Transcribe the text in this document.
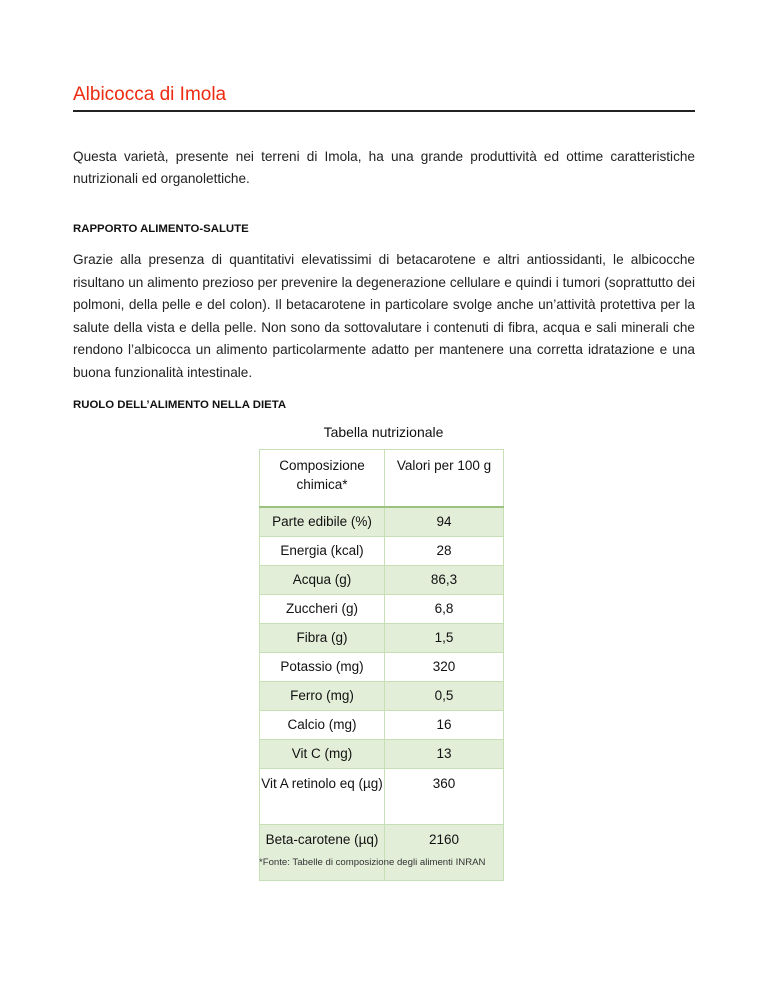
Albicocca di Imola
Questa varietà, presente nei terreni di Imola, ha una grande produttività ed ottime caratteristiche nutrizionali ed organolettiche.
RAPPORTO ALIMENTO-SALUTE
Grazie alla presenza di quantitativi elevatissimi di betacarotene e altri antiossidanti, le albicocche risultano un alimento prezioso per prevenire la degenerazione cellulare e quindi i tumori (soprattutto dei polmoni, della pelle e del colon). Il betacarotene in particolare svolge anche un’attività protettiva per la salute della vista e della pelle. Non sono da sottovalutare i contenuti di fibra, acqua e sali minerali che rendono l’albicocca un alimento particolarmente adatto per mantenere una corretta idratazione e una buona funzionalità intestinale.
RUOLO DELL’ALIMENTO NELLA DIETA
Tabella nutrizionale
Composizione chimica*	Valori per 100 g
Parte edibile (%)	94
Energia (kcal)	28
Acqua (g)	86,3
Zuccheri (g)	6,8
Fibra (g)	1,5
Potassio (mg)	320
Ferro (mg)	0,5
Calcio (mg)	16
Vit C (mg)	13
Vit A retinolo eq (µg)	360
Beta-carotene (µq)	2160
*Fonte: Tabelle di composizione degli alimenti INRAN
